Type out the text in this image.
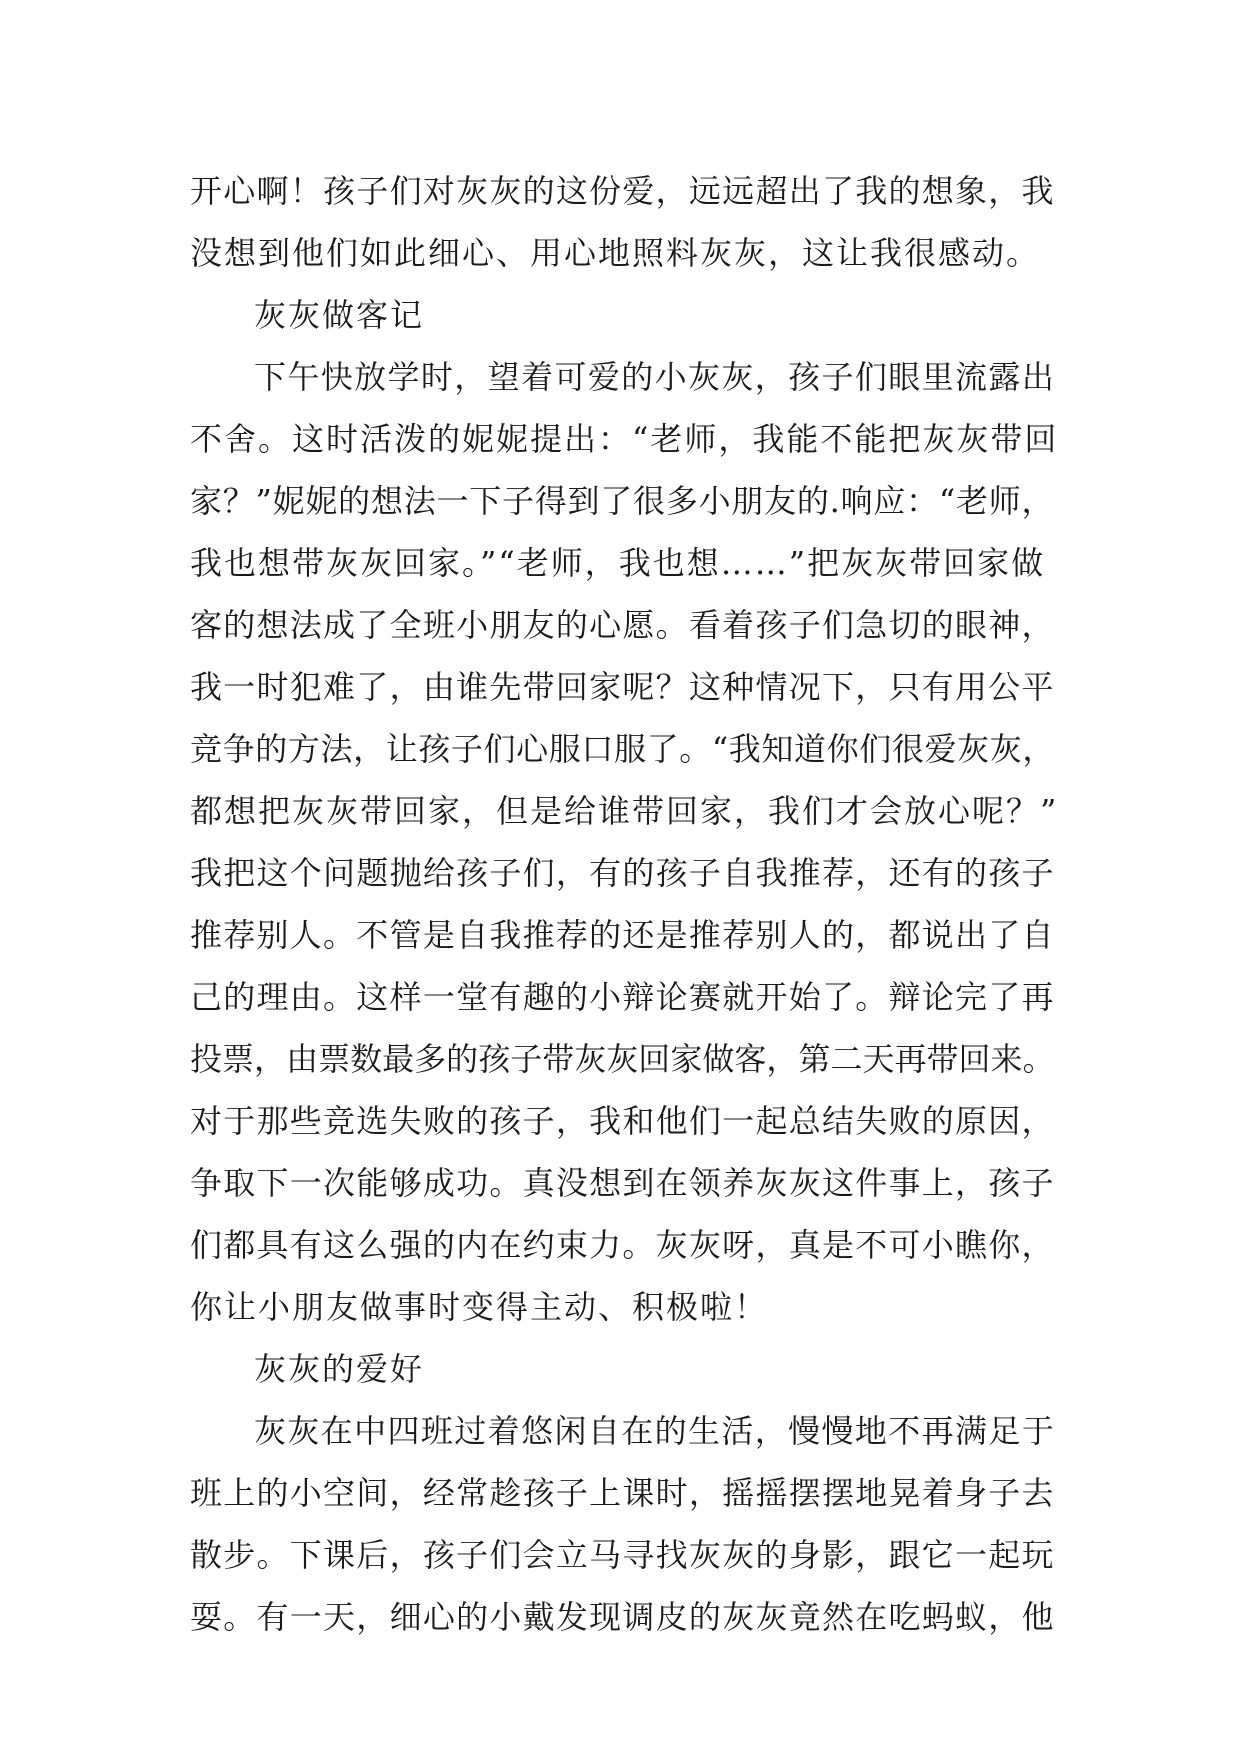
开心啊！孩子们对灰灰的这份爱，远远超出了我的想象，我
没想到他们如此细心、用心地照料灰灰，这让我很感动。
灰灰做客记
下午快放学时，望着可爱的小灰灰，孩子们眼里流露出
不舍。这时活泼的妮妮提出：“老师，我能不能把灰灰带回
家？”妮妮的想法一下子得到了很多小朋友的.响应：“老师，
我也想带灰灰回家。”“老师，我也想……”把灰灰带回家做
客的想法成了全班小朋友的心愿。看着孩子们急切的眼神，
我一时犯难了，由谁先带回家呢？这种情况下，只有用公平
竞争的方法，让孩子们心服口服了。“我知道你们很爱灰灰，
都想把灰灰带回家，但是给谁带回家，我们才会放心呢？”
我把这个问题抛给孩子们，有的孩子自我推荐，还有的孩子
推荐别人。不管是自我推荐的还是推荐别人的，都说出了自
己的理由。这样一堂有趣的小辩论赛就开始了。辩论完了再
投票，由票数最多的孩子带灰灰回家做客，第二天再带回来。
对于那些竞选失败的孩子，我和他们一起总结失败的原因，
争取下一次能够成功。真没想到在领养灰灰这件事上，孩子
们都具有这么强的内在约束力。灰灰呀，真是不可小瞧你，
你让小朋友做事时变得主动、积极啦！
灰灰的爱好
灰灰在中四班过着悠闲自在的生活，慢慢地不再满足于
班上的小空间，经常趁孩子上课时，摇摇摆摆地晃着身子去
散步。下课后，孩子们会立马寻找灰灰的身影，跟它一起玩
耍。有一天，细心的小戴发现调皮的灰灰竟然在吃蚂蚁，他
